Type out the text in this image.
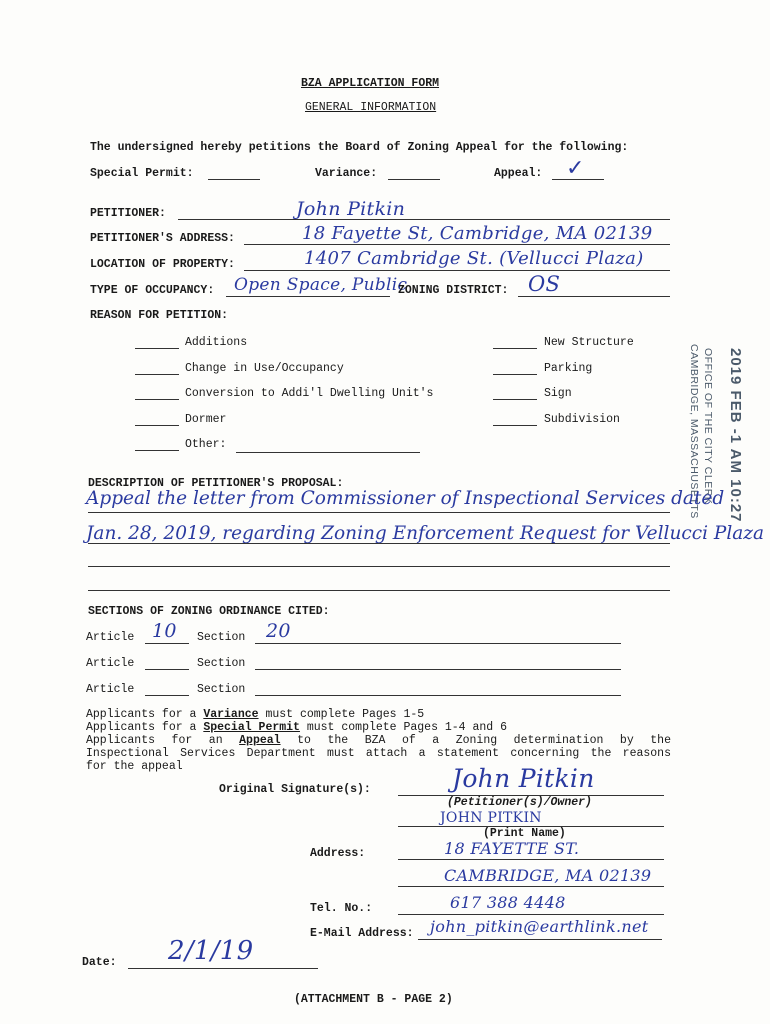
BZA APPLICATION FORM
GENERAL INFORMATION
The undersigned hereby petitions the Board of Zoning Appeal for the following:
Special Permit:	Variance:	Appeal: ✓
PETITIONER:	John Pitkin
PETITIONER'S ADDRESS:	18 Fayette St, Cambridge, MA 02139
LOCATION OF PROPERTY:	1407 Cambridge St. (Vellucci Plaza)
TYPE OF OCCUPANCY: Open Space, Public
ZONING DISTRICT: OS
REASON FOR PETITION:
Additions
Change in Use/Occupancy
Conversion to Addi'l Dwelling Unit's
Dormer
Other:
New Structure
Parking
Sign
Subdivision	2019 FEB -1 AM 10:27
OFFICE OF THE CITY CLERK
CAMBRIDGE, MASSACHUSETTS
DESCRIPTION OF PETITIONER'S PROPOSAL:
Appeal the letter from Commissioner of Inspectional Services dated
Jan. 28, 2019, regarding Zoning Enforcement Request for Vellucci Plaza
SECTIONS OF ZONING ORDINANCE CITED:
Article 10 Section 20
Article	Section
Article	Section
Applicants for a Variance must complete Pages 1-5
Applicants for a Special Permit must complete Pages 1-4 and 6
Applicants for an Appeal to the BZA of a Zoning determination by the
Inspectional Services Department must attach a statement concerning the reasons
for the appeal
Original Signature(s):	John Pitkin
(Petitioner(s)/Owner)
JOHN PITKIN
(Print Name)
Address:	18 FAYETTE ST.
CAMBRIDGE, MA 02139
Tel. No.:	617 388 4448
E-Mail Address: john_pitkin@earthlink.net
Date: 2/1/19
(ATTACHMENT B - PAGE 2)
